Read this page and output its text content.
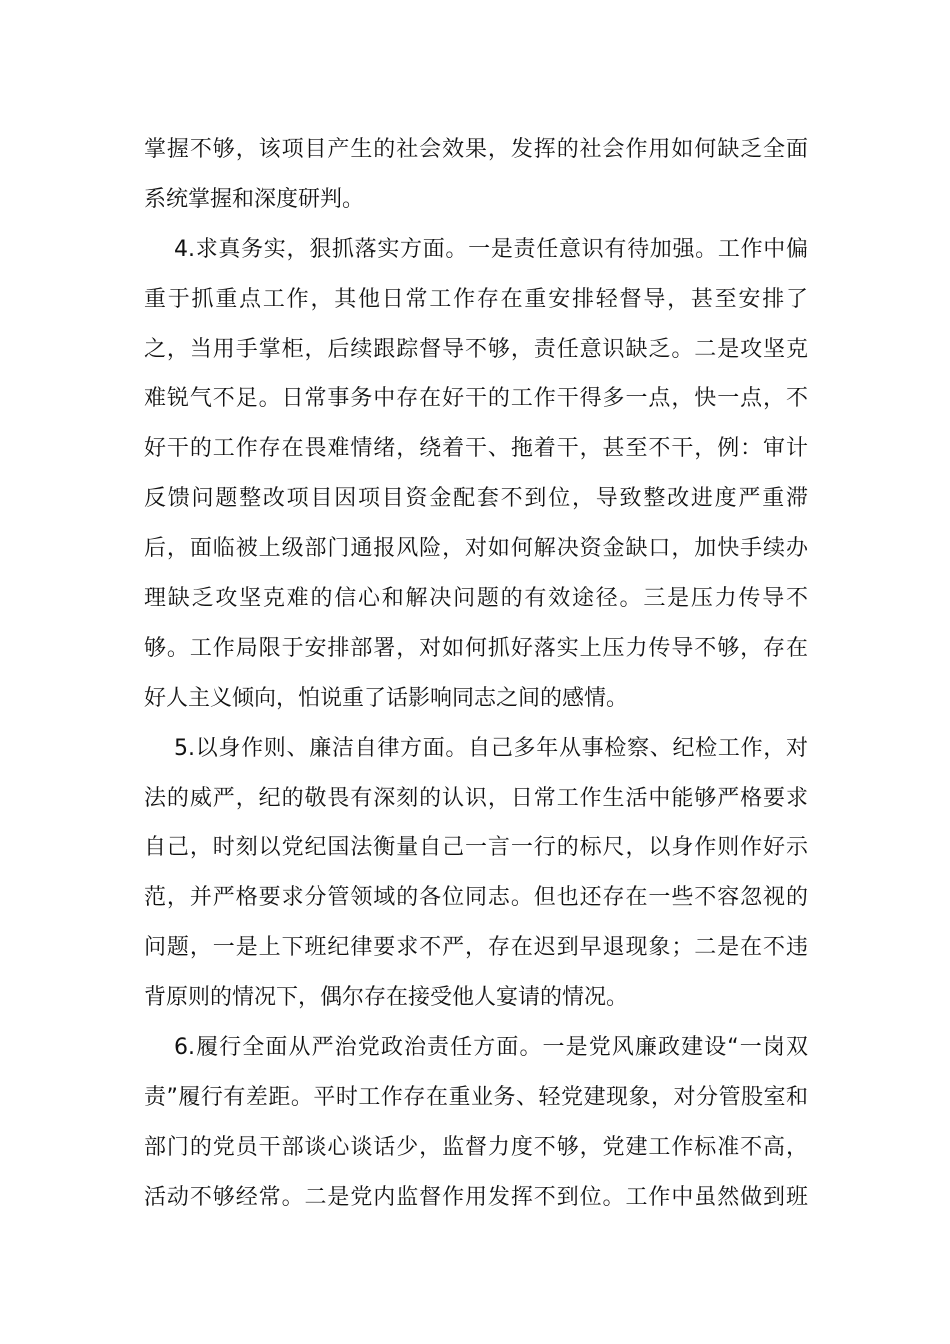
掌握不够，该项目产生的社会效果，发挥的社会作用如何缺乏全面
系统掌握和深度研判。
4.求真务实，狠抓落实方面。一是责任意识有待加强。工作中偏
重于抓重点工作，其他日常工作存在重安排轻督导，甚至安排了
之，当用手掌柜，后续跟踪督导不够，责任意识缺乏。二是攻坚克
难锐气不足。日常事务中存在好干的工作干得多一点，快一点，不
好干的工作存在畏难情绪，绕着干、拖着干，甚至不干，例：审计
反馈问题整改项目因项目资金配套不到位，导致整改进度严重滞
后，面临被上级部门通报风险，对如何解决资金缺口，加快手续办
理缺乏攻坚克难的信心和解决问题的有效途径。三是压力传导不
够。工作局限于安排部署，对如何抓好落实上压力传导不够，存在
好人主义倾向，怕说重了话影响同志之间的感情。
5.以身作则、廉洁自律方面。自己多年从事检察、纪检工作，对
法的威严，纪的敬畏有深刻的认识，日常工作生活中能够严格要求
自己，时刻以党纪国法衡量自己一言一行的标尺，以身作则作好示
范，并严格要求分管领域的各位同志。但也还存在一些不容忽视的
问题，一是上下班纪律要求不严，存在迟到早退现象；二是在不违
背原则的情况下，偶尔存在接受他人宴请的情况。
6.履行全面从严治党政治责任方面。一是党风廉政建设“一岗双
责”履行有差距。平时工作存在重业务、轻党建现象，对分管股室和
部门的党员干部谈心谈话少，监督力度不够，党建工作标准不高，
活动不够经常。二是党内监督作用发挥不到位。工作中虽然做到班
